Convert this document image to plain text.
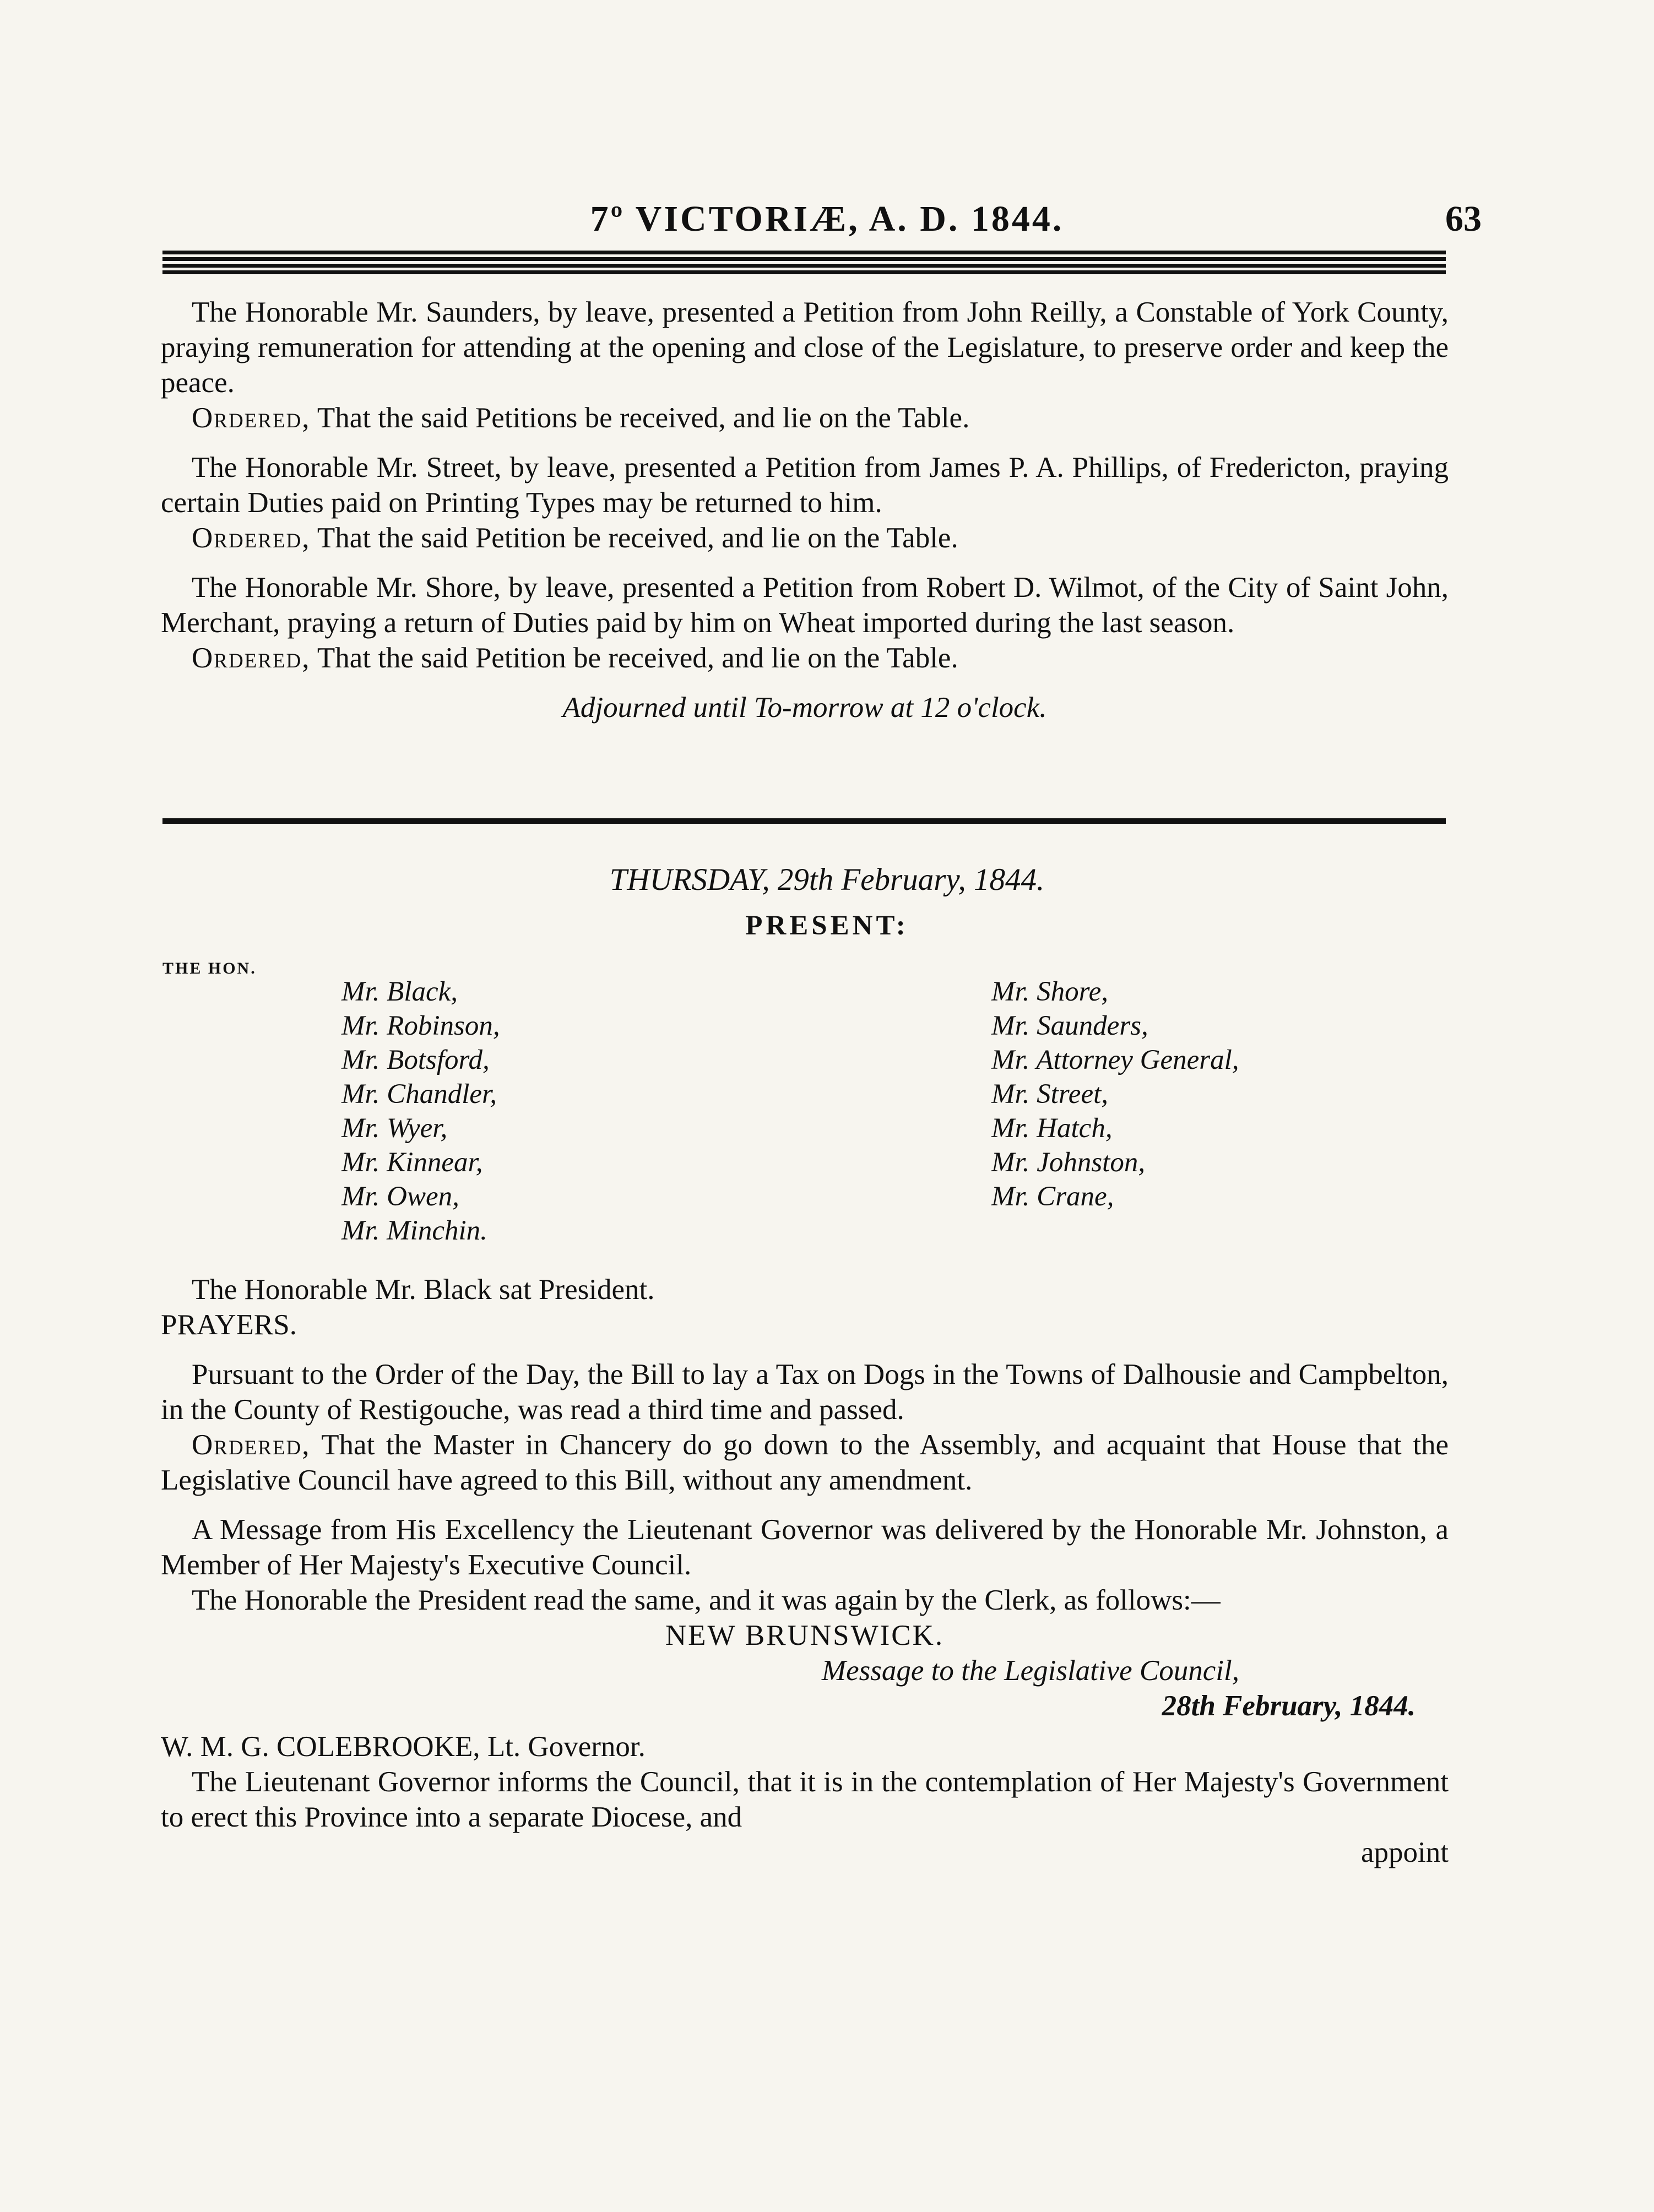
7º VICTORIÆ, A. D. 1844.	63

The Honorable Mr. Saunders, by leave, presented a Petition from John Reilly, a Constable of York County, praying remuneration for attending at the opening and close of the Legislature, to preserve order and keep the peace.

Ordered, That the said Petitions be received, and lie on the Table.

The Honorable Mr. Street, by leave, presented a Petition from James P. A. Phillips, of Fredericton, praying certain Duties paid on Printing Types may be returned to him.

Ordered, That the said Petition be received, and lie on the Table.

The Honorable Mr. Shore, by leave, presented a Petition from Robert D. Wilmot, of the City of Saint John, Merchant, praying a return of Duties paid by him on Wheat imported during the last season.

Ordered, That the said Petition be received, and lie on the Table.

Adjourned until To-morrow at 12 o'clock.

THURSDAY, 29th February, 1844.
PRESENT:
THE HON.
Mr. Black,
Mr. Robinson,
Mr. Botsford,
Mr. Chandler,
Mr. Wyer,
Mr. Kinnear,
Mr. Owen,
Mr. Minchin.
Mr. Shore,
Mr. Saunders,
Mr. Attorney General,
Mr. Street,
Mr. Hatch,
Mr. Johnston,
Mr. Crane,

The Honorable Mr. Black sat President.

PRAYERS.

Pursuant to the Order of the Day, the Bill to lay a Tax on Dogs in the Towns of Dalhousie and Campbelton, in the County of Restigouche, was read a third time and passed.

Ordered, That the Master in Chancery do go down to the Assembly, and acquaint that House that the Legislative Council have agreed to this Bill, without any amendment.

A Message from His Excellency the Lieutenant Governor was delivered by the Honorable Mr. Johnston, a Member of Her Majesty's Executive Council.

The Honorable the President read the same, and it was again by the Clerk, as follows:—

NEW BRUNSWICK.

Message to the Legislative Council,

28th February, 1844.

W. M. G. COLEBROOKE, Lt. Governor.

The Lieutenant Governor informs the Council, that it is in the contemplation of Her Majesty's Government to erect this Province into a separate Diocese, and

appoint
